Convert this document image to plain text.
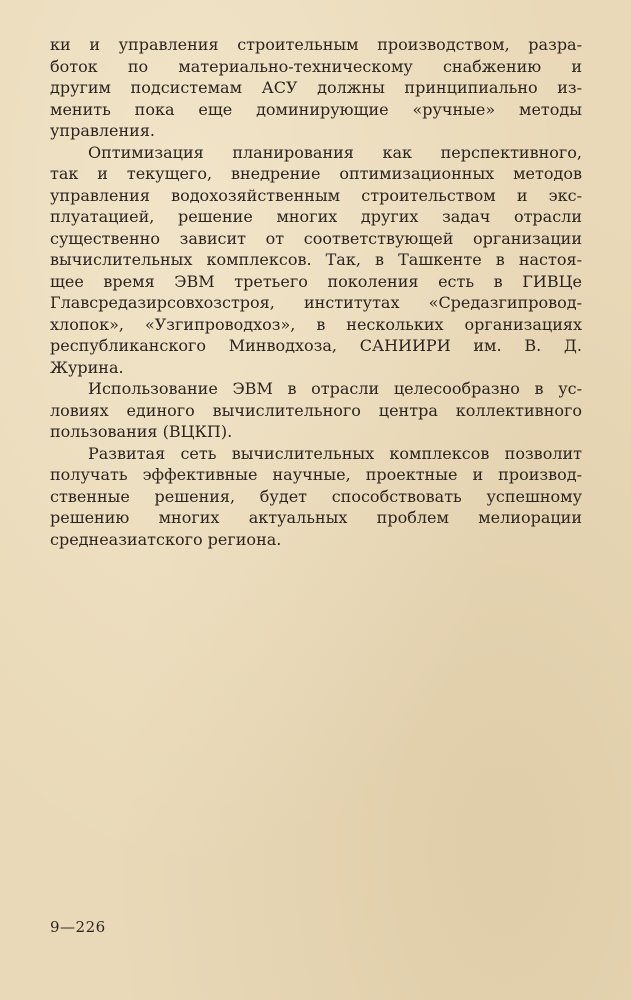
ки и управления строительным производством, разра-
боток по материально-техническому снабжению и
другим подсистемам АСУ должны принципиально из-
менить пока еще доминирующие «ручные» методы
управления.

Оптимизация планирования как перспективного,
так и текущего, внедрение оптимизационных методов
управления водохозяйственным строительством и экс-
плуатацией, решение многих других задач отрасли
существенно зависит от соответствующей организации
вычислительных комплексов. Так, в Ташкенте в настоя-
щее время ЭВМ третьего поколения есть в ГИВЦе
Главсредазирсовхозстроя, институтах «Средазгипровод-
хлопок», «Узгипроводхоз», в нескольких организациях
республиканского Минводхоза, САНИИРИ им. В. Д.
Журина.

Использование ЭВМ в отрасли целесообразно в ус-
ловиях единого вычислительного центра коллективного
пользования (ВЦКП).

Развитая сеть вычислительных комплексов позволит
получать эффективные научные, проектные и производ-
ственные решения, будет способствовать успешному
решению многих актуальных проблем мелиорации
среднеазиатского региона.

9—226
